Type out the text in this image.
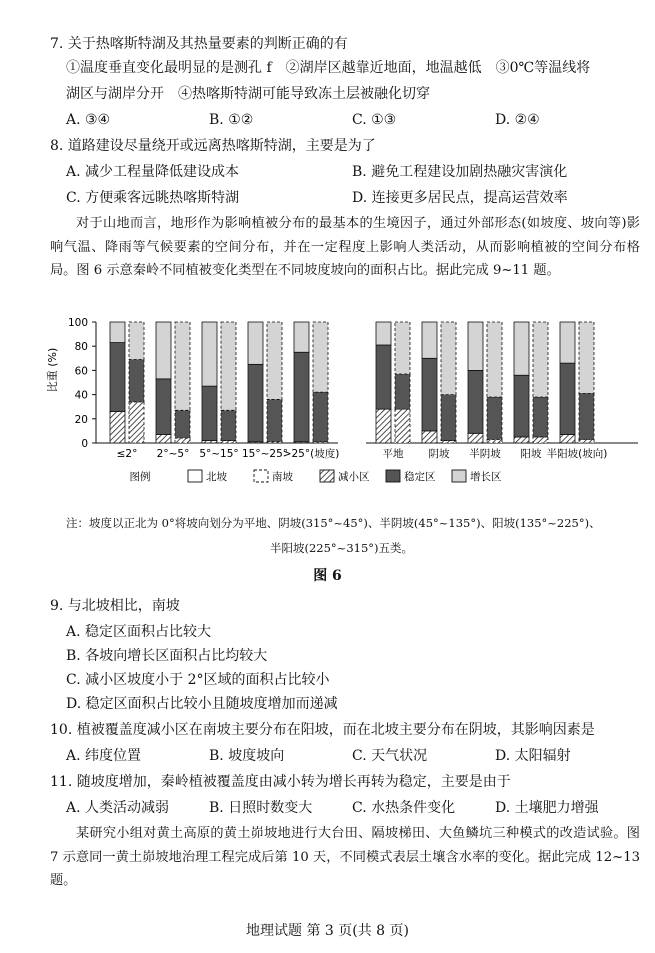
7. 关于热喀斯特湖及其热量要素的判断正确的有
①温度垂直变化最明显的是测孔 f　②湖岸区越靠近地面，地温越低　③0℃等温线将
湖区与湖岸分开　④热喀斯特湖可能导致冻土层被融化切穿
A. ③④	B. ①②	C. ①③	D. ②④
8. 道路建设尽量绕开或远离热喀斯特湖，主要是为了
A. 减少工程量降低建设成本	B. 避免工程建设加剧热融灾害演化
C. 方便乘客远眺热喀斯特湖	D. 连接更多居民点，提高运营效率
对于山地而言，地形作为影响植被分布的最基本的生境因子，通过外部形态(如坡度、坡向等)影响气温、降雨等气候要素的空间分布，并在一定程度上影响人类活动，从而影响植被的空间分布格局。图 6 示意秦岭不同植被变化类型在不同坡度坡向的面积占比。据此完成 9~11 题。
比重 (%)
0
20
40
60
80
100
≤2° 2°~5° 5°~15° 15°~25°
>25°(坡度)	平地 阴坡 半阴坡 阳坡 半阳坡(坡向)
图例	北坡	南坡	减小区	稳定区	增长区
注：坡度以正北为 0°将坡向划分为平地、阴坡(315°~45°)、半阴坡(45°~135°)、阳坡(135°~225°)、
半阳坡(225°~315°)五类。
图 6
9. 与北坡相比，南坡
A. 稳定区面积占比较大
B. 各坡向增长区面积占比均较大
C. 减小区坡度小于 2°区域的面积占比较小
D. 稳定区面积占比较小且随坡度增加而递减
10. 植被覆盖度减小区在南坡主要分布在阳坡，而在北坡主要分布在阴坡，其影响因素是
A. 纬度位置	B. 坡度坡向	C. 天气状况	D. 太阳辐射
11. 随坡度增加，秦岭植被覆盖度由减小转为增长再转为稳定，主要是由于
A. 人类活动减弱	B. 日照时数变大	C. 水热条件变化	D. 土壤肥力增强
某研究小组对黄土高原的黄土峁坡地进行大台田、隔坡梯田、大鱼鳞坑三种模式的改造试验。图 7 示意同一黄土峁坡地治理工程完成后第 10 天，不同模式表层土壤含水率的变化。据此完成 12~13 题。
地理试题 第 3 页(共 8 页)
